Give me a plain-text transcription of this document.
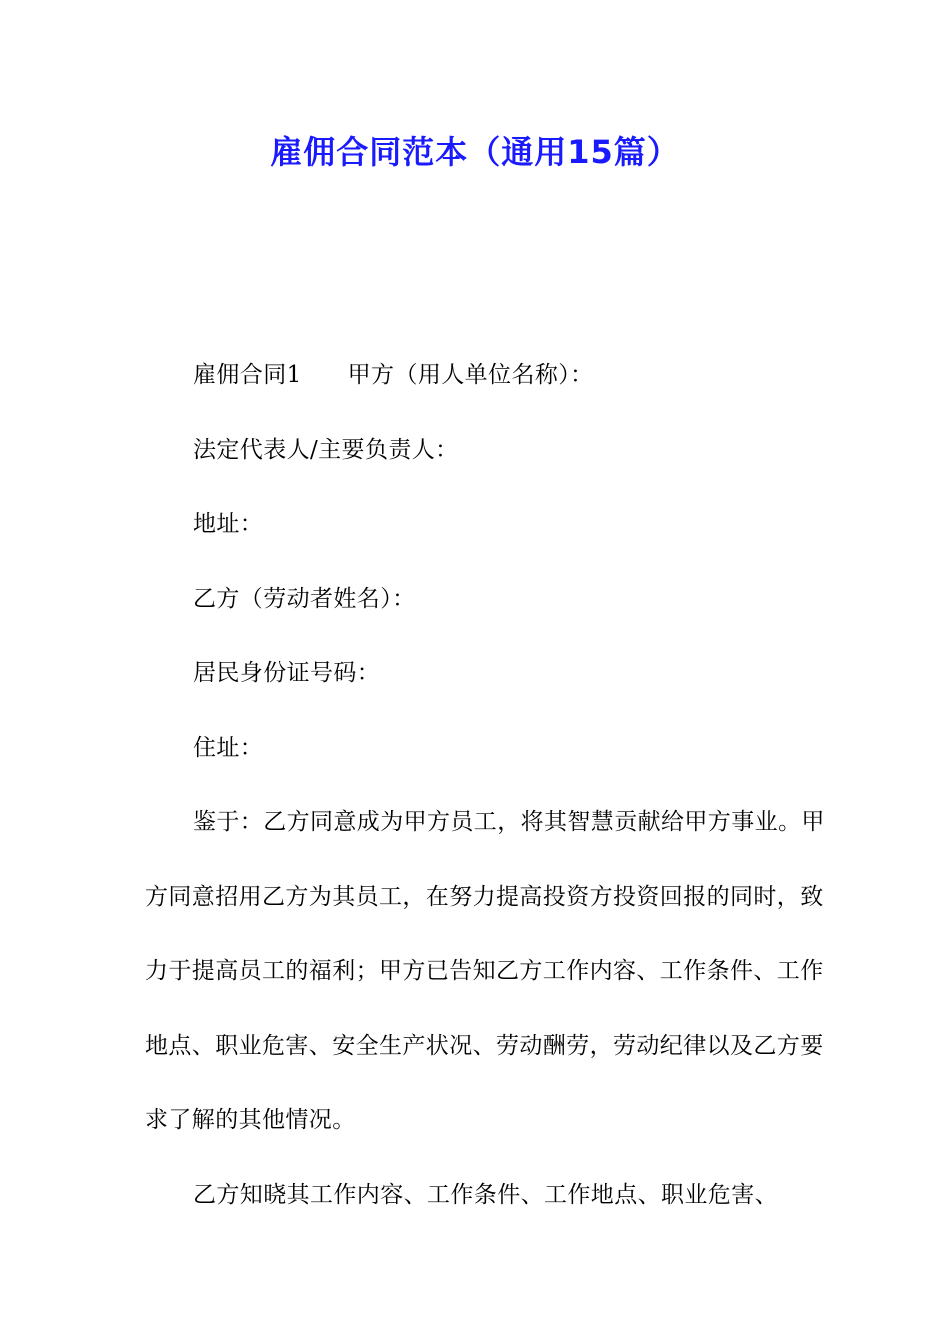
雇佣合同范本（通用15篇）

雇佣合同1 甲方（用人单位名称）：

法定代表人/主要负责人：

地址：

乙方（劳动者姓名）：

居民身份证号码：

住址：

鉴于：乙方同意成为甲方员工，将其智慧贡献给甲方事业。甲方同意招用乙方为其员工，在努力提高投资方投资回报的同时，致力于提高员工的福利；甲方已告知乙方工作内容、工作条件、工作地点、职业危害、安全生产状况、劳动酬劳，劳动纪律以及乙方要求了解的其他情况。

乙方知晓其工作内容、工作条件、工作地点、职业危害、
